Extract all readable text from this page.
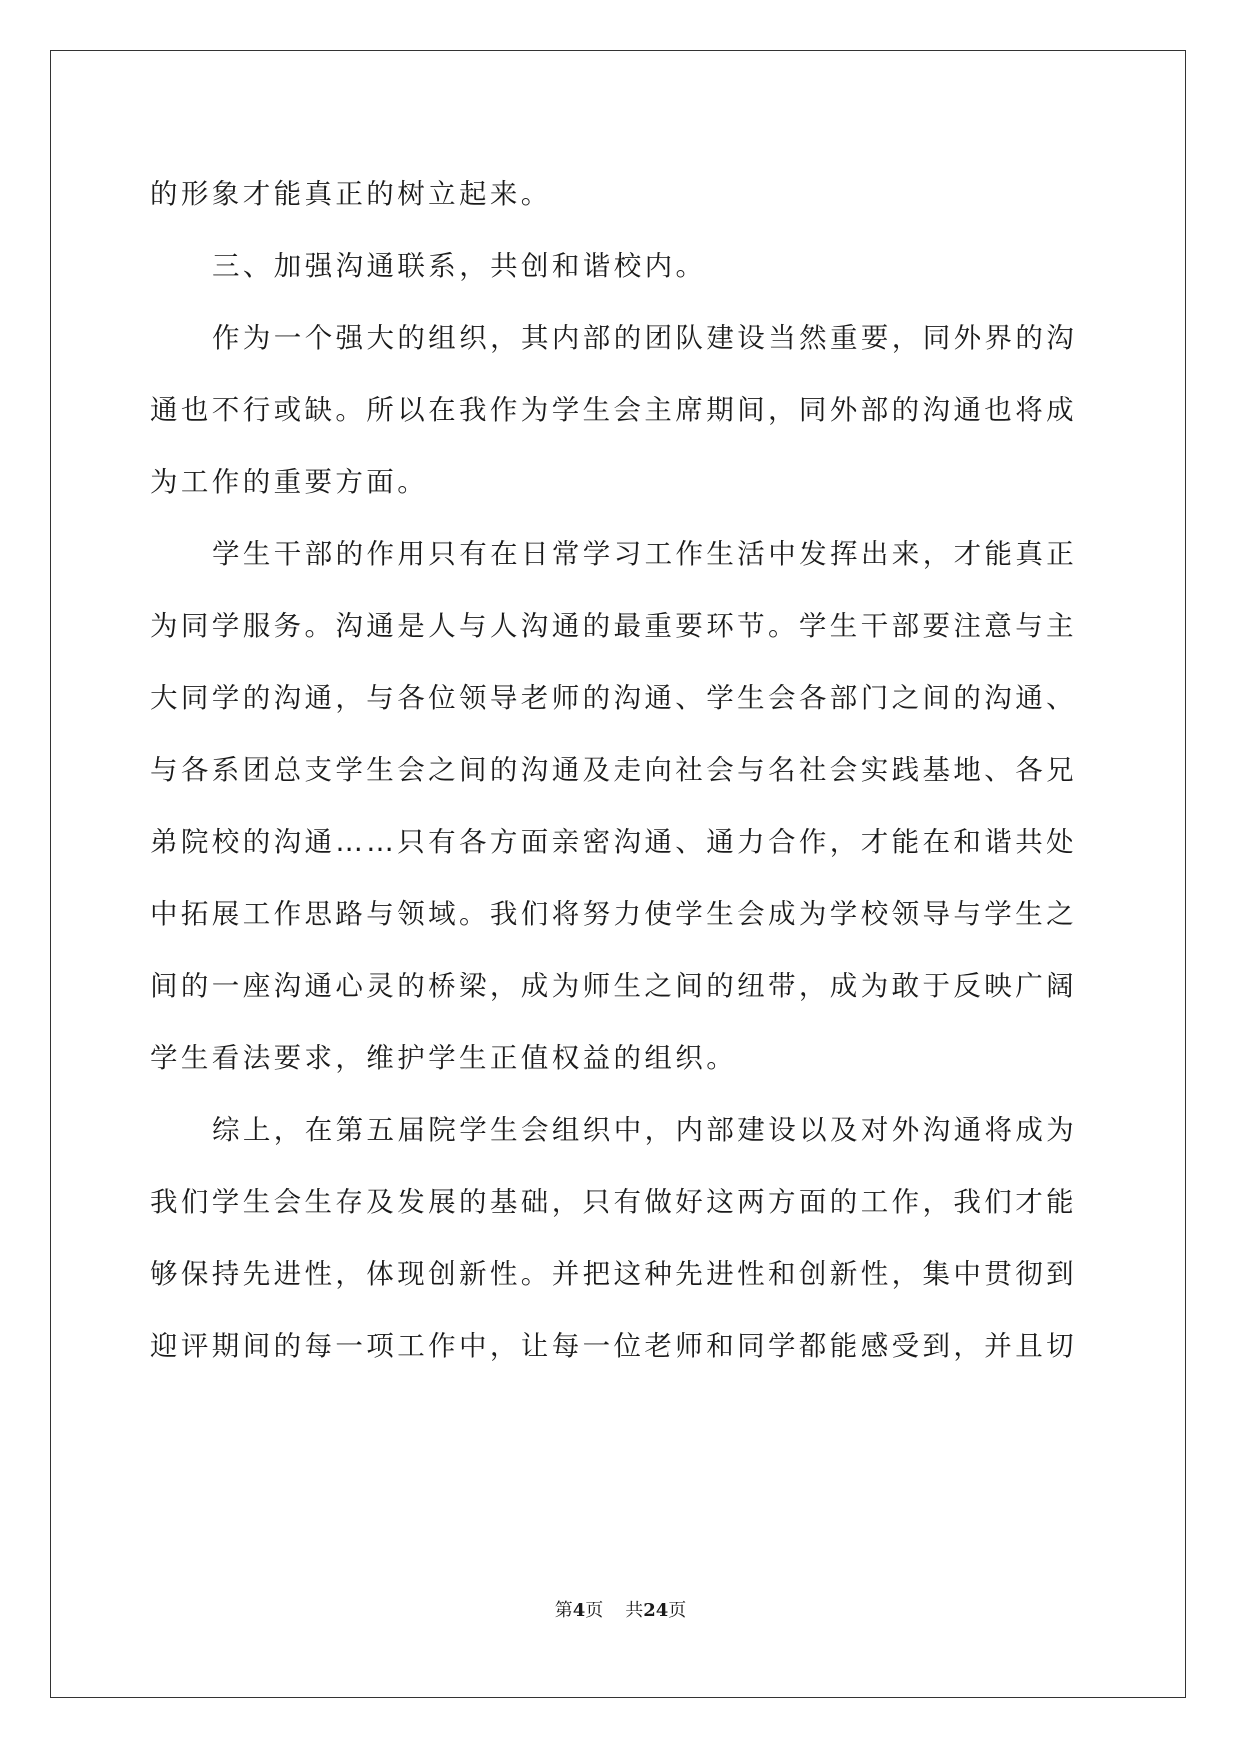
的形象才能真正的树立起来。
三、加强沟通联系，共创和谐校内。
作为一个强大的组织，其内部的团队建设当然重要，同外界的沟
通也不行或缺。所以在我作为学生会主席期间，同外部的沟通也将成
为工作的重要方面。
学生干部的作用只有在日常学习工作生活中发挥出来，才能真正
为同学服务。沟通是人与人沟通的最重要环节。学生干部要注意与主
大同学的沟通，与各位领导老师的沟通、学生会各部门之间的沟通、
与各系团总支学生会之间的沟通及走向社会与名社会实践基地、各兄
弟院校的沟通……只有各方面亲密沟通、通力合作，才能在和谐共处
中拓展工作思路与领域。我们将努力使学生会成为学校领导与学生之
间的一座沟通心灵的桥梁，成为师生之间的纽带，成为敢于反映广阔
学生看法要求，维护学生正值权益的组织。
综上，在第五届院学生会组织中，内部建设以及对外沟通将成为
我们学生会生存及发展的基础，只有做好这两方面的工作，我们才能
够保持先进性，体现创新性。并把这种先进性和创新性，集中贯彻到
迎评期间的每一项工作中，让每一位老师和同学都能感受到，并且切
第4页 共24页
